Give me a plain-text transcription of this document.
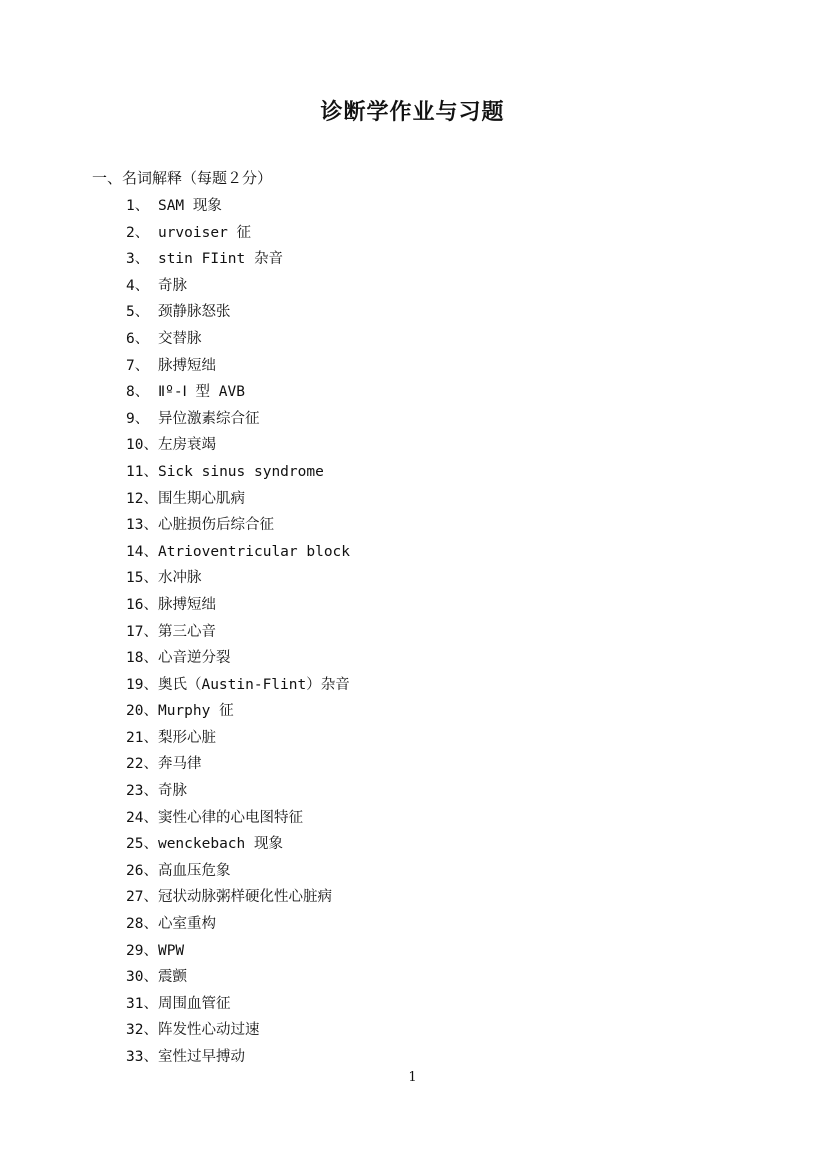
诊断学作业与习题
一、名词解释（每题２分）
1、 SAM 现象
2、 urvoiser 征
3、 stin FIint 杂音
4、 奇脉
5、 颈静脉怒张
6、 交替脉
7、 脉搏短绌
8、 Ⅱº-Ⅰ 型 AVB
9、 异位激素综合征
10、左房衰竭
11、Sick sinus syndrome
12、围生期心肌病
13、心脏损伤后综合征
14、Atrioventricular block
15、水冲脉
16、脉搏短绌
17、第三心音
18、心音逆分裂
19、奥氏（Austin-Flint）杂音
20、Murphy 征
21、梨形心脏
22、奔马律
23、奇脉
24、窦性心律的心电图特征
25、wenckebach 现象
26、高血压危象
27、冠状动脉粥样硬化性心脏病
28、心室重构
29、WPW
30、震颤
31、周围血管征
32、阵发性心动过速
33、室性过早搏动
1
